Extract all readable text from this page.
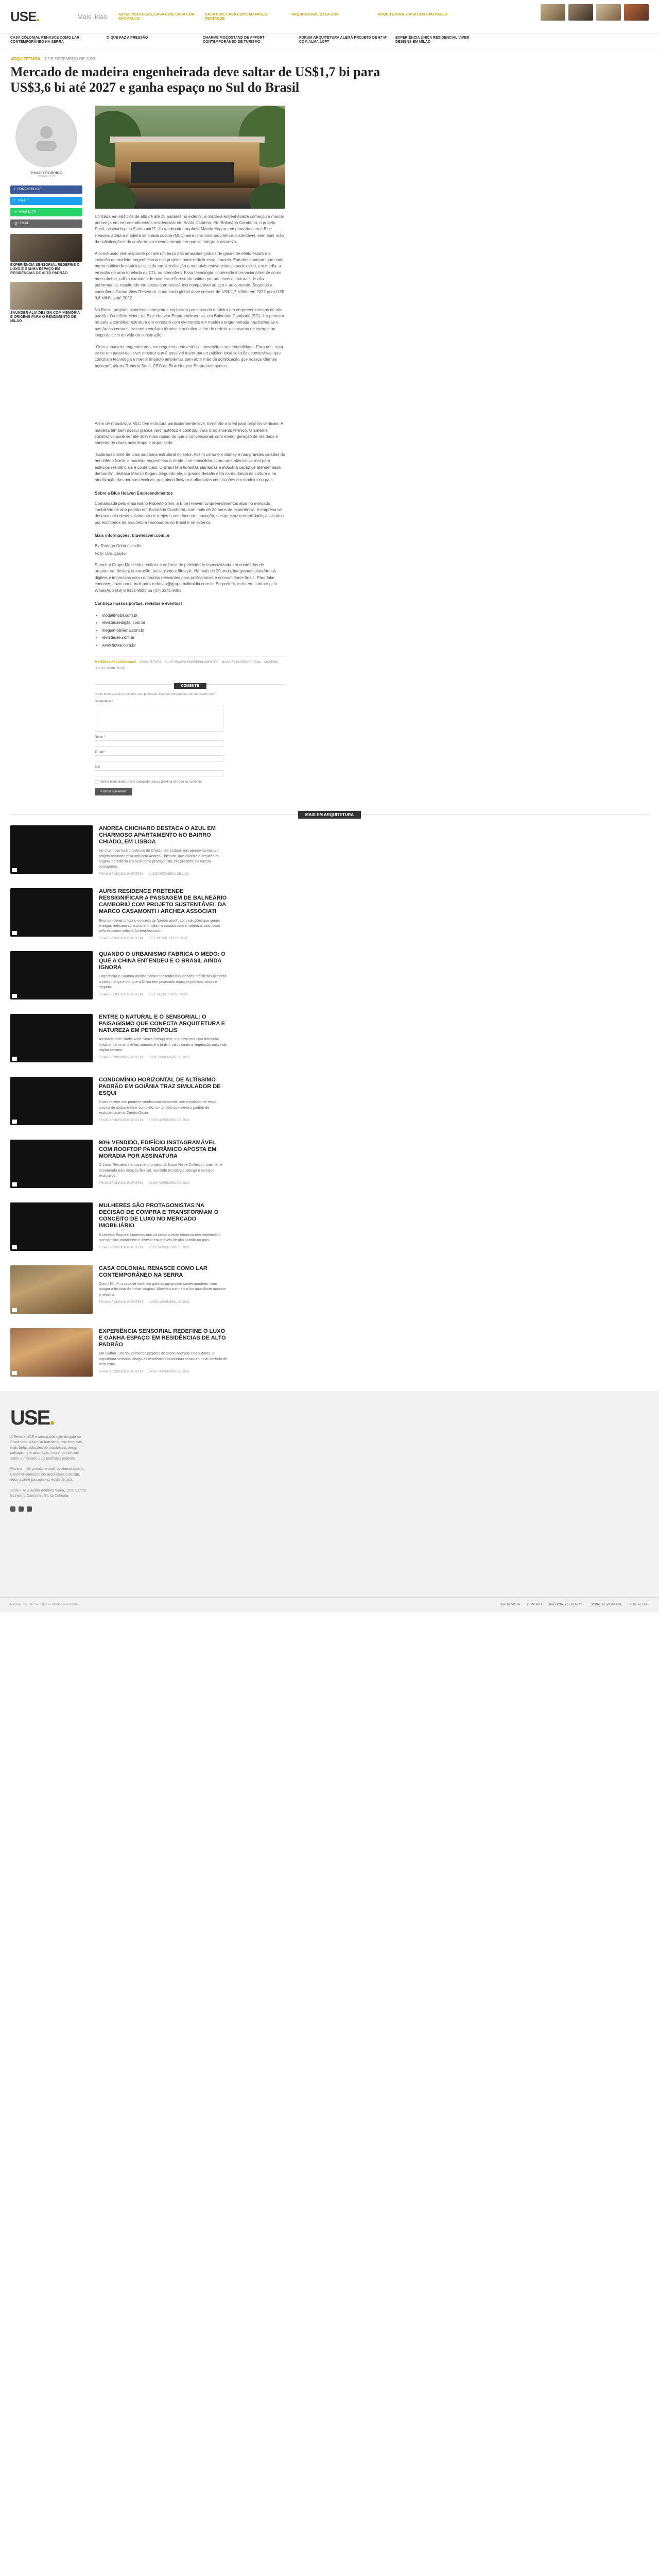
USE.	Mais lidas	ARTES PLÁSTICAS, CASA COR, CASA COR SÃO PAULO
CASA COR, CASA COR SÃO PAULO, DESTAQUE
ARQUITETURA, CASA COR	ARQUITETURA, CASA COR SÃO PAULO
CASA COLONIAL RENASCE COMO LAR CONTEMPORÂNEO NA SERRA
O QUE FAZ A PRESSÃO	CHARME MOCOSTAND DE AFFORT CONTEMPORÂNEO DE TURISMO
FÓRUM ARQUITETURA ALEMÃ PROJETO DE 67 M² COM ALMA LOFT
EXPERIÊNCIA ÚNICA RESIDENCIAL VIVER DESIGNS EM MILÃO
ARQUITETURA 7 DE DEZEMBRO DE 2023
Mercado de madeira engenheirada deve saltar de US$1,7 bi para US$3,6 bi até 2027 e ganha espaço no Sul do Brasil
THIAGO RODRIGO
REDACTOR
f COMPARTILHAR
t TWEET
w WHATSAPP
@ EMAIL
EXPERIÊNCIA SENSORIAL REDEFINE O LUXO E GANHA ESPAÇO EM RESIDÊNCIAS DE ALTO PADRÃO
SAUNDER ALIA DESIGN COM MEMÓRIA E ORIGENS PARA O RENDIMENTO DE MILÃO

Utilizada em edifícios de alto de até 18 andares no exterior, a madeira engenheirada começou a marcar presença em empreendimentos residenciais em Santa Catarina. Em Balneário Camboriú, o projeto Patel, assinado pelo Studio mk27, do renomado arquiteto Márcio Kogan, em parceria com a Blue Heaven, adota a madeira laminada colada (MLC) para criar uma arquitetura sustentável, sem abrir mão da sofisticação e do conforto, ao mesmo tempo em que se integra à natureza.

A construção civil responde por até um terço das emissões globais de gases de efeito estufa e a inclusão da madeira engenheirada nos projetos pode reduzir esse impacto. Estudos apontam que cada metro cúbico de madeira utilizada em substituição a materiais convencionais pode evitar, em média, a emissão de uma tonelada de CO₂ na atmosfera. Essa tecnologia, conhecida internacionalmente como mass timber, utiliza camadas de madeira reflorestada unidas por adesivos estruturais de alta performance, resultando em peças com resistência comparável ao aço e ao concreto. Segundo a consultoria Grand View Research, o mercado global deve crescer de US$ 1,7 bilhão em 2022 para US$ 3,6 bilhões até 2027.

No Brasil, projetos pioneiros começam a explorar a presença da madeira em empreendimentos de alto padrão. O edifício Mode, da Blue Heaven Empreendimentos, em Balneário Camboriú (SC), é o primeiro no país a combinar estrutura em concreto com elementos em madeira engenheirada nas fachadas e nas áreas comuns, trazendo conforto térmico e acústico, além de reduzir o consumo de energia ao longo do ciclo de vida da construção.

"Com a madeira engenheirada, conseguimos unir estética, inovação e sustentabilidade. Para nós, trata-se de um passo decisivo: mostrar que é possível trazer para o público local soluções construtivas que conciliam tecnologia e menor impacto ambiental, sem abrir mão da sofisticação que nossos clientes buscam", afirma Roberto Stein, CEO da Blue Heaven Empreendimentos.

Além de robustez, a MLC tem estrutura particularmente leve, tornando-a ideal para projetos verticais. A madeira também possui grande valor estético e contribui para o isolamento térmico. O sistema construtivo pode ser até 30% mais rápido do que o convencional, com menor geração de resíduos e canteiro de obras mais limpo e organizado.

"Estamos diante de uma mudança estrutural no setor. Assim como em Sidney e nas grandes cidades do hemisfério Norte, a madeira engenheirada tende a se consolidar como uma alternativa real para edifícios residenciais e comerciais. O Brasil tem florestas plantadas e indústria capaz de atender essa demanda", destaca Márcio Kogan. Segundo ele, o grande desafio está na mudança de cultura e na atualização das normas técnicas, que ainda limitam a altura das construções em madeira no país.

Sobre a Blue Heaven Empreendimentos

Comandada pelo empresário Roberto Stein, a Blue Heaven Empreendimentos atua no mercado imobiliário de alto padrão em Balneário Camboriú, com mais de 20 anos de experiência. A empresa se destaca pelo desenvolvimento de projetos com foco em inovação, design e sustentabilidade, assinados por escritórios de arquitetura renomados no Brasil e no exterior.

Mais informações: blueheaven.com.br

By Rodrigo Comunicação

Foto: Divulgação

Somos o Grupo Multimídia, editora e agência de publicidade especializada em conteúdos de arquitetura, design, decoração, paisagismo e lifestyle. Há mais de 20 anos, integramos plataformas digitais e impressas com conteúdos relevantes para profissionais e consumidores finais. Para falar conosco, envie um e-mail para redacao@grupomultimidia.com.br. Se preferir, entre em contato pelo WhatsApp (48) 9 9121-9824 ou (47) 3241-9093.

Conheça nossos portais, revistas e eventos!

• modalimobil.com.br
• revistausedigital.com.br
• megaimobiliaria.com.br
• revistause.com.br
• www.hotee.com.br
MATÉRIAS RELACIONADAS ARQUITETURA BLUE HEAVEN EMPREENDIMENTOS MADEIRA ENGENHEIRADA MADEIRA
SETOR IMOBILIÁRIO
COMENTE
O seu endereço de e-mail não será publicado. Campos obrigatórios são marcados com *
Comentário *
Nome *
E-mail *
Site
Salvar meus dados neste navegador para a próxima vez que eu comentar.
Publicar comentário
MAIS EM ARQUITETURA
ANDREA CHICHARO DESTACA O AZUL EM CHARMOSO APARTAMENTO NO BAIRRO CHIADO, EM LISBOA
No charmoso bairro histórico do Chiado, em Lisboa, nós apresentamos um projeto assinado pela arquiteta Andrea Chicharo, que valoriza a arquitetura original do edifício e o azul como protagonista, tão presente na cultura portuguesa.
THIAGO RODRIGO ROTSTEIN 10 DE DEZEMBRO DE 2023
AURIS RESIDENCE PRETENDE RESSIGNIFICAR A PASSAGEM DE BALNEÁRIO CAMBORIÚ COM PROJETO SUSTENTÁVEL DA MARCO CASAMONTI / ARCHEA ASSOCIATI
Empreendimento traz o conceito de "prédio ativo", com soluções que geram energia, reduzem consumo e ampliam o contato com a natureza, assinadas pelo escritório italiano Archea Associati.
THIAGO RODRIGO ROTSTEIN 1 DE DEZEMBRO DE 2023
QUANDO O URBANISMO FABRICA O MEDO: O QUE A CHINA ENTENDEU E O BRASIL AINDA IGNORA
Engenheira e Doutora analisa como o desenho das cidades brasileiras alimenta a insegurança e por que a China tem priorizado espaços públicos ativos e seguros.
THIAGO RODRIGO ROTSTEIN 1 DE DEZEMBRO DE 2023
ENTRE O NATURAL E O SENSORIAL: O PAISAGISMO QUE CONECTA ARQUITETURA E NATUREZA EM PETRÓPOLIS
Assinado pelo Studio Aline Souza Paisagismo, o projeto cria uma transição fluida entre os ambientes internos e o jardim, valorizando a vegetação nativa da região serrana.
THIAGO RODRIGO ROTSTEIN 28 DE NOVEMBRO DE 2023
CONDOMÍNIO HORIZONTAL DE ALTÍSSIMO PADRÃO EM GOIÂNIA TRAZ SIMULADOR DE ESQUI
Goiás recebe seu primeiro condomínio horizontal com simulador de esqui, piscina de ondas e lazer completo, um projeto que eleva o padrão de exclusividade no Centro-Oeste.
THIAGO RODRIGO ROTSTEIN 26 DE NOVEMBRO DE 2023
90% VENDIDO, EDIFÍCIO INSTAGRAMÁVEL COM ROOFTOP PANORÂMICO APOSTA EM MORADIA POR ASSINATURA
O Lótus Residence é o primeiro projeto da Smart Home Collection totalmente estruturado para locação flexível, reunindo tecnologia, design e serviços exclusivos.
THIAGO RODRIGO ROTSTEIN 24 DE NOVEMBRO DE 2023
MULHERES SÃO PROTAGONISTAS NA DECISÃO DE COMPRA E TRANSFORMAM O CONCEITO DE LUXO NO MERCADO IMOBILIÁRIO
A Lenvitta Empreendimentos mostra como a visão feminina tem redefinido o que significa morar bem e investir em imóveis de alto padrão no país.
THIAGO RODRIGO ROTSTEIN 20 DE NOVEMBRO DE 2023
CASA COLONIAL RENASCE COMO LAR CONTEMPORÂNEO NA SERRA
Com 410 m², a casa de veraneio ganhou um projeto contemporâneo, sem apagar a história do imóvel original. Materiais naturais e luz abundante marcam a reforma.
THIAGO RODRIGO ROTSTEIN 18 DE NOVEMBRO DE 2023
EXPERIÊNCIA SENSORIAL REDEFINE O LUXO E GANHA ESPAÇO EM RESIDÊNCIAS DE ALTO PADRÃO
Em Gaffniz, um dos primeiros projetos do Stone Andrade Consultores, a arquitetura sensorial chega às residências brasileiras como um novo símbolo de bem-estar.
THIAGO RODRIGO ROTSTEIN 14 DE NOVEMBRO DE 2023
USE.
A Revista USE é uma publicação dirigida ao Brasil todo, à família brasileira, com foco nas mais belas soluções de arquitetura, design, paisagismo e decoração, trazendo notícias sobre o mercado e os melhores projetos.
Revista – Os portais, e-mail revistause.com.br, o melhor conteúdo em arquitetura e design, decoração e paisagismo, estilo de vida.
Sede – Rua Julião Bemmel Vieira, 1000 Centro, Balneário Camboriú, Santa Catarina.
Revista USE 2023 – Todos os direitos reservados.	USE REVISTA CONTATO AGÊNCIA DE EVENTOS SOBRE REVISTA USE PORTAL USE
